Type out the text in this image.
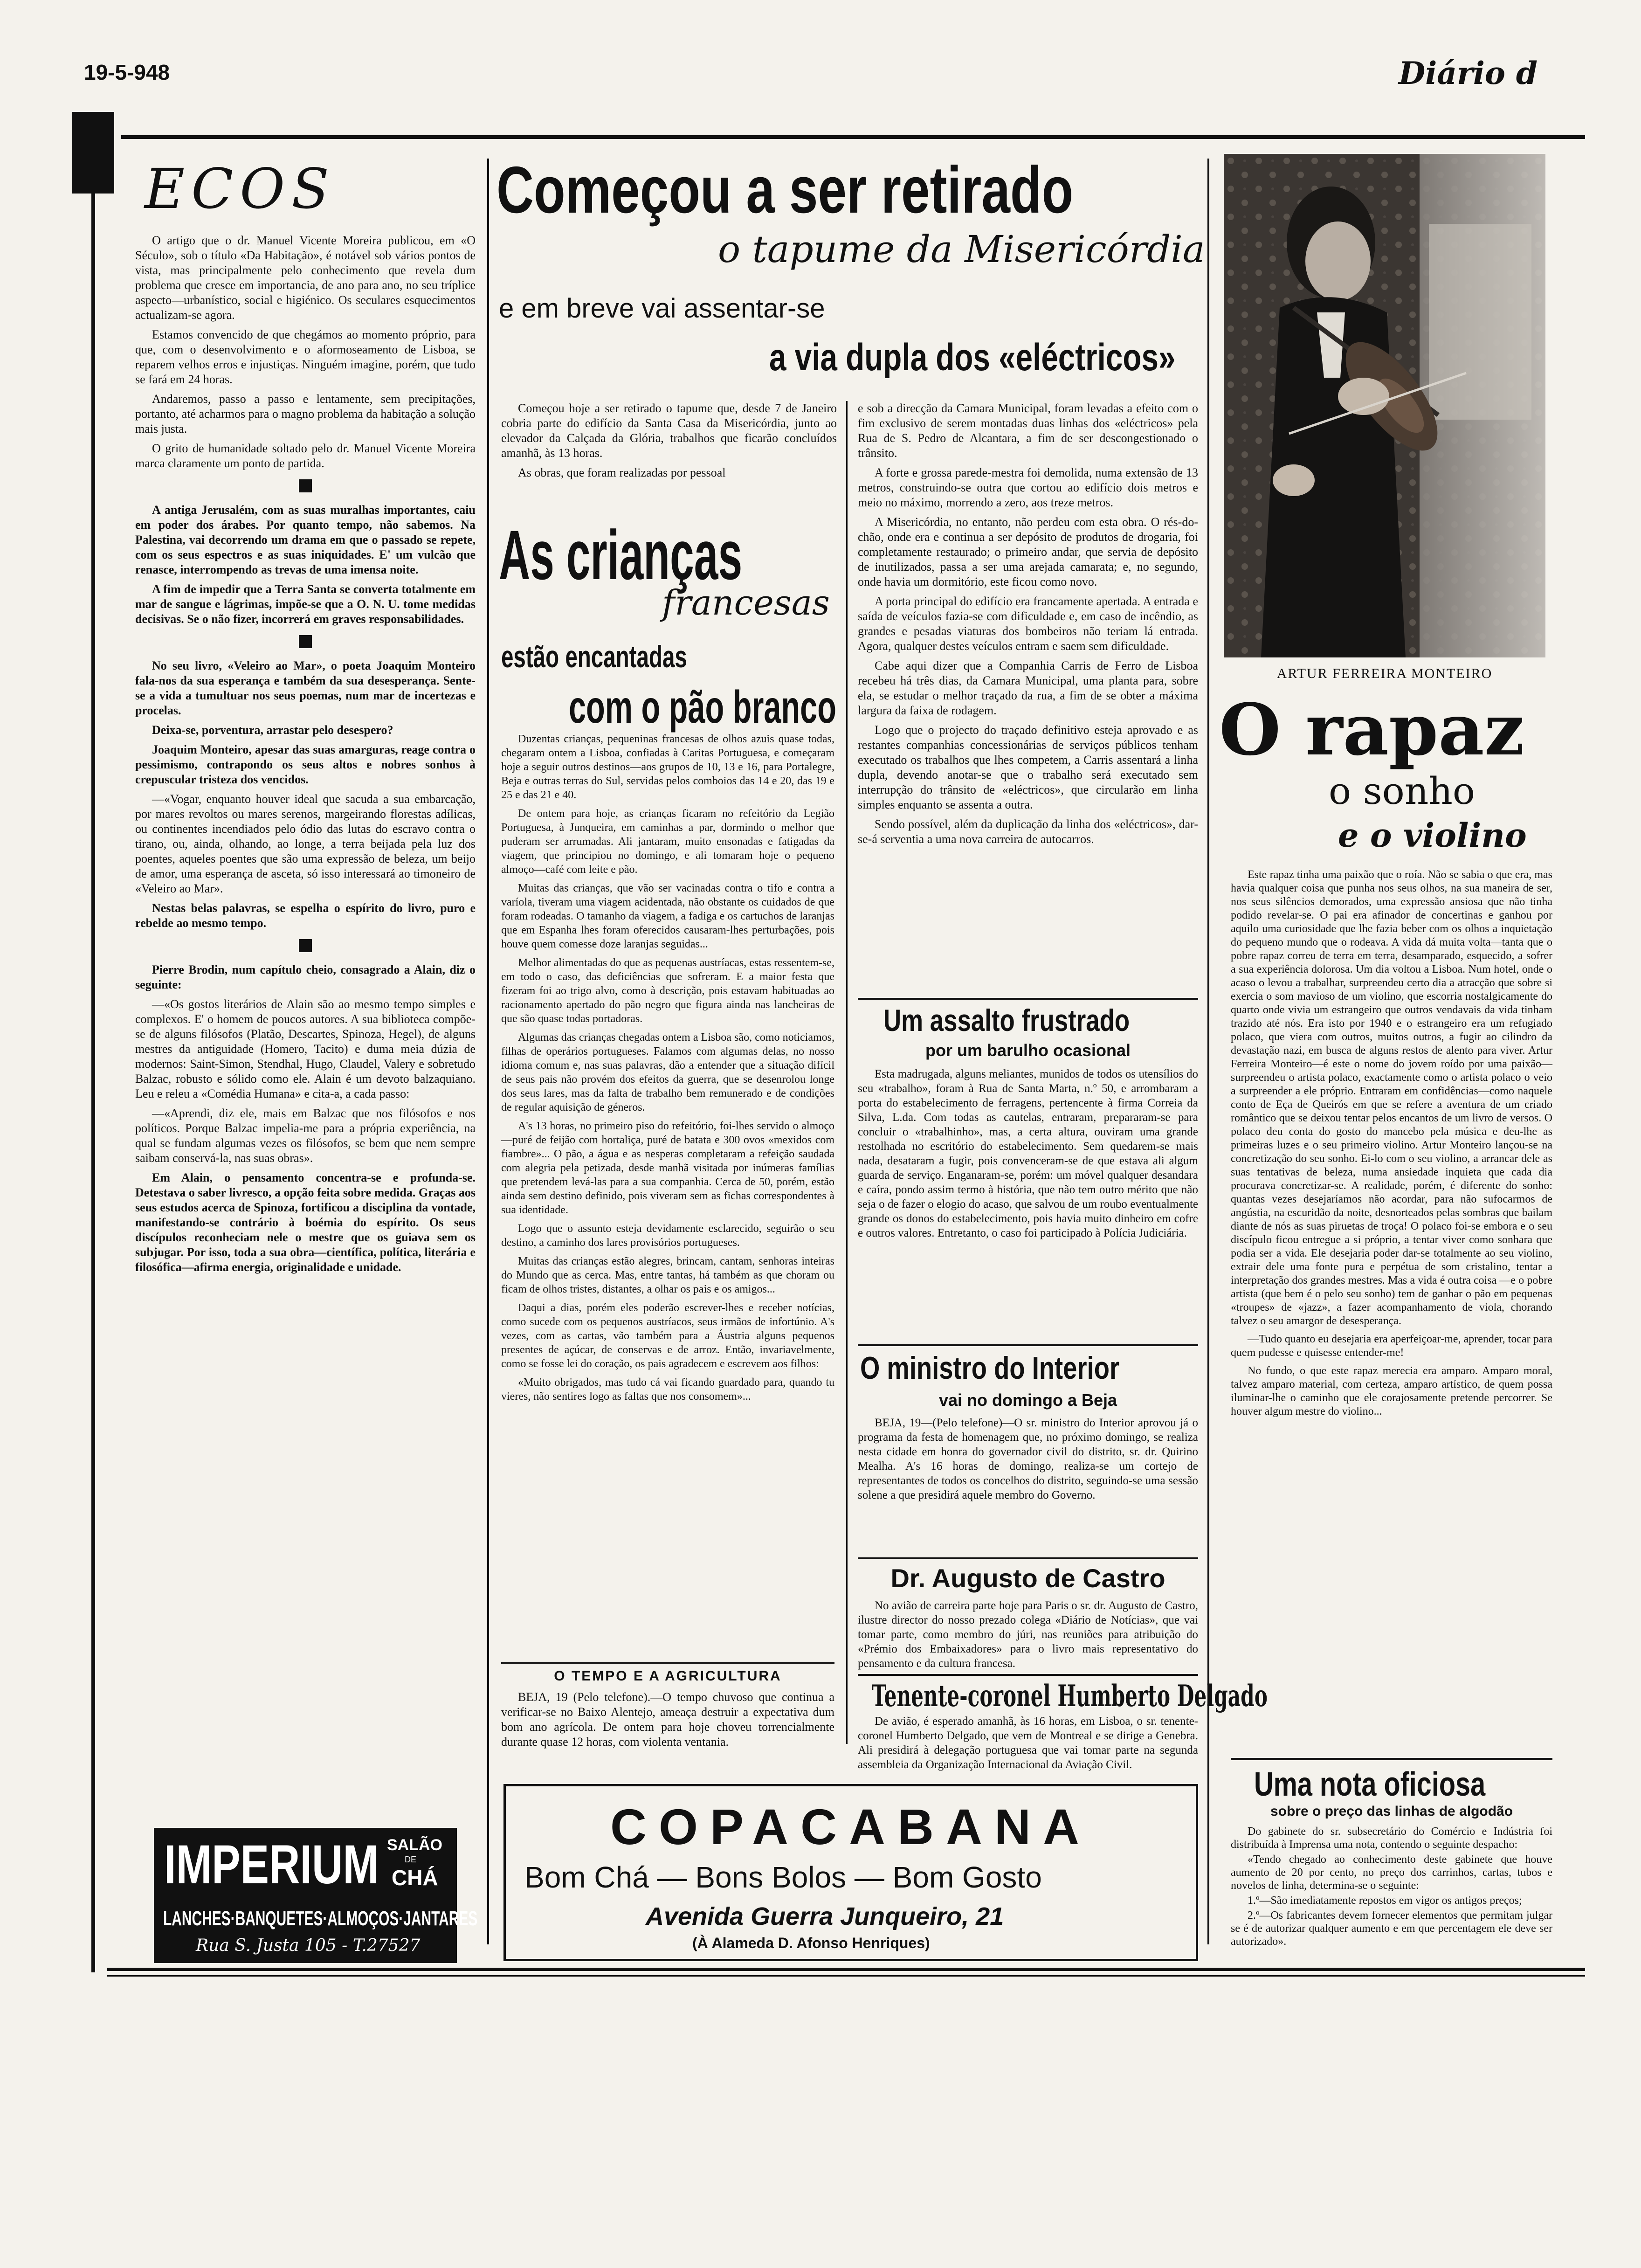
19-5-948	Diário d
ECOS

O artigo que o dr. Manuel Vicente Moreira publicou, em «O Século», sob o título «Da Habitação», é notável sob vários pontos de vista, mas principalmente pelo conhecimento que revela dum problema que cresce em importancia, de ano para ano, no seu tríplice aspecto—urbanístico, social e higiénico. Os seculares esquecimentos actualizam-se agora.

Estamos convencido de que chegámos ao momento próprio, para que, com o desenvolvimento e o aformoseamento de Lisboa, se reparem velhos erros e injustiças. Ninguém imagine, porém, que tudo se fará em 24 horas.

Andaremos, passo a passo e lentamente, sem precipitações, portanto, até acharmos para o magno problema da habitação a solução mais justa.

O grito de humanidade soltado pelo dr. Manuel Vicente Moreira marca claramente um ponto de partida.

A antiga Jerusalém, com as suas muralhas importantes, caiu em poder dos árabes. Por quanto tempo, não sabemos. Na Palestina, vai decorrendo um drama em que o passado se repete, com os seus espectros e as suas iniquidades. E' um vulcão que renasce, interrompendo as trevas de uma imensa noite.

A fim de impedir que a Terra Santa se converta totalmente em mar de sangue e lágrimas, impõe-se que a O. N. U. tome medidas decisivas. Se o não fizer, incorrerá em graves responsabilidades.

No seu livro, «Veleiro ao Mar», o poeta Joaquim Monteiro fala-nos da sua esperança e também da sua desesperança. Sente-se a vida a tumultuar nos seus poemas, num mar de incertezas e procelas.

Deixa-se, porventura, arrastar pelo desespero?

Joaquim Monteiro, apesar das suas amarguras, reage contra o pessimismo, contrapondo os seus altos e nobres sonhos à crepuscular tristeza dos vencidos.

—«Vogar, enquanto houver ideal que sacuda a sua embarcação, por mares revoltos ou mares serenos, margeirando florestas adílicas, ou continentes incendiados pelo ódio das lutas do escravo contra o tirano, ou, ainda, olhando, ao longe, a terra beijada pela luz dos poentes, aqueles poentes que são uma expressão de beleza, um beijo de amor, uma esperança de asceta, só isso interessará ao timoneiro de «Veleiro ao Mar».

Nestas belas palavras, se espelha o espírito do livro, puro e rebelde ao mesmo tempo.

Pierre Brodin, num capítulo cheio, consagrado a Alain, diz o seguinte:

—«Os gostos literários de Alain são ao mesmo tempo simples e complexos. E' o homem de poucos autores. A sua biblioteca compõe-se de alguns filósofos (Platão, Descartes, Spinoza, Hegel), de alguns mestres da antiguidade (Homero, Tacito) e duma meia dúzia de modernos: Saint-Simon, Stendhal, Hugo, Claudel, Valery e sobretudo Balzac, robusto e sólido como ele. Alain é um devoto balzaquiano. Leu e releu a «Comédia Humana» e cita-a, a cada passo:

—«Aprendi, diz ele, mais em Balzac que nos filósofos e nos políticos. Porque Balzac impelia-me para a própria experiência, na qual se fundam algumas vezes os filósofos, se bem que nem sempre saibam conservá-la, nas suas obras».

Em Alain, o pensamento concentra-se e profunda-se. Detestava o saber livresco, a opção feita sobre medida. Graças aos seus estudos acerca de Spinoza, fortificou a disciplina da vontade, manifestando-se contrário à boémia do espírito. Os seus discípulos reconheciam nele o mestre que os guiava sem os subjugar. Por isso, toda a sua obra—científica, política, literária e filosófica—afirma energia, originalidade e unidade.

IMPERIUM SALÃO
DE
CHÁ
LANCHES·BANQUETES·ALMOÇOS·JANTARES
Rua S. Justa 105 - T.27527
Começou a ser retirado
o tapume da Misericórdia
e em breve vai assentar-se
a via dupla dos «eléctricos»

Começou hoje a ser retirado o tapume que, desde 7 de Janeiro cobria parte do edifício da Santa Casa da Misericórdia, junto ao elevador da Calçada da Glória, trabalhos que ficarão concluídos amanhã, às 13 horas.

As obras, que foram realizadas por pessoal

As crianças
francesas
estão encantadas
com o pão branco

Duzentas crianças, pequeninas francesas de olhos azuis quase todas, chegaram ontem a Lisboa, confiadas à Caritas Portuguesa, e começaram hoje a seguir outros destinos—aos grupos de 10, 13 e 16, para Portalegre, Beja e outras terras do Sul, servidas pelos comboios das 14 e 20, das 19 e 25 e das 21 e 40.

De ontem para hoje, as crianças ficaram no refeitório da Legião Portuguesa, à Junqueira, em caminhas a par, dormindo o melhor que puderam ser arrumadas. Ali jantaram, muito ensonadas e fatigadas da viagem, que principiou no domingo, e ali tomaram hoje o pequeno almoço—café com leite e pão.

Muitas das crianças, que vão ser vacinadas contra o tifo e contra a varíola, tiveram uma viagem acidentada, não obstante os cuidados de que foram rodeadas. O tamanho da viagem, a fadiga e os cartuchos de laranjas que em Espanha lhes foram oferecidos causaram-lhes perturbações, pois houve quem comesse doze laranjas seguidas...

Melhor alimentadas do que as pequenas austríacas, estas ressentem-se, em todo o caso, das deficiências que sofreram. E a maior festa que fizeram foi ao trigo alvo, como à descrição, pois estavam habituadas ao racionamento apertado do pão negro que figura ainda nas lancheiras de que são quase todas portadoras.

Algumas das crianças chegadas ontem a Lisboa são, como noticiamos, filhas de operários portugueses. Falamos com algumas delas, no nosso idioma comum e, nas suas palavras, dão a entender que a situação difícil de seus pais não provém dos efeitos da guerra, que se desenrolou longe dos seus lares, mas da falta de trabalho bem remunerado e de condições de regular aquisição de géneros.

A's 13 horas, no primeiro piso do refeitório, foi-lhes servido o almoço—puré de feijão com hortaliça, puré de batata e 300 ovos «mexidos com fiambre»... O pão, a água e as nesperas completaram a refeição saudada com alegria pela petizada, desde manhã visitada por inúmeras famílias que pretendem levá-las para a sua companhia. Cerca de 50, porém, estão ainda sem destino definido, pois viveram sem as fichas correspondentes à sua identidade.

Logo que o assunto esteja devidamente esclarecido, seguirão o seu destino, a caminho dos lares provisórios portugueses.

Muitas das crianças estão alegres, brincam, cantam, senhoras inteiras do Mundo que as cerca. Mas, entre tantas, há também as que choram ou ficam de olhos tristes, distantes, a olhar os pais e os amigos...

Daqui a dias, porém eles poderão escrever-lhes e receber notícias, como sucede com os pequenos austríacos, seus irmãos de infortúnio. A's vezes, com as cartas, vão também para a Áustria alguns pequenos presentes de açúcar, de conservas e de arroz. Então, invariavelmente, como se fosse lei do coração, os pais agradecem e escrevem aos filhos:

«Muito obrigados, mas tudo cá vai ficando guardado para, quando tu vieres, não sentires logo as faltas que nos consomem»...

O TEMPO E A AGRICULTURA

BEJA, 19 (Pelo telefone).—O tempo chuvoso que continua a verificar-se no Baixo Alentejo, ameaça destruir a expectativa dum bom ano agrícola. De ontem para hoje choveu torrencialmente durante quase 12 horas, com violenta ventania.

e sob a direcção da Camara Municipal, foram levadas a efeito com o fim exclusivo de serem montadas duas linhas dos «eléctricos» pela Rua de S. Pedro de Alcantara, a fim de ser descongestionado o trânsito.

A forte e grossa parede-mestra foi demolida, numa extensão de 13 metros, construindo-se outra que cortou ao edifício dois metros e meio no máximo, morrendo a zero, aos treze metros.

A Misericórdia, no entanto, não perdeu com esta obra. O rés-do-chão, onde era e continua a ser depósito de produtos de drogaria, foi completamente restaurado; o primeiro andar, que servia de depósito de inutilizados, passa a ser uma arejada camarata; e, no segundo, onde havia um dormitório, este ficou como novo.

A porta principal do edifício era francamente apertada. A entrada e saída de veículos fazia-se com dificuldade e, em caso de incêndio, as grandes e pesadas viaturas dos bombeiros não teriam lá entrada. Agora, qualquer destes veículos entram e saem sem dificuldade.

Cabe aqui dizer que a Companhia Carris de Ferro de Lisboa recebeu há três dias, da Camara Municipal, uma planta para, sobre ela, se estudar o melhor traçado da rua, a fim de se obter a máxima largura da faixa de rodagem.

Logo que o projecto do traçado definitivo esteja aprovado e as restantes companhias concessionárias de serviços públicos tenham executado os trabalhos que lhes competem, a Carris assentará a linha dupla, devendo anotar-se que o trabalho será executado sem interrupção do trânsito de «eléctricos», que circularão em linha simples enquanto se assenta a outra.

Sendo possível, além da duplicação da linha dos «eléctricos», dar-se-á serventia a uma nova carreira de autocarros.

Um assalto frustrado
por um barulho ocasional

Esta madrugada, alguns meliantes, munidos de todos os utensílios do seu «trabalho», foram à Rua de Santa Marta, n.º 50, e arrombaram a porta do estabelecimento de ferragens, pertencente à firma Correia da Silva, L.da. Com todas as cautelas, entraram, prepararam-se para concluir o «trabalhinho», mas, a certa altura, ouviram uma grande restolhada no escritório do estabelecimento. Sem quedarem-se mais nada, desataram a fugir, pois convenceram-se de que estava ali algum guarda de serviço. Enganaram-se, porém: um móvel qualquer desandara e caíra, pondo assim termo à história, que não tem outro mérito que não seja o de fazer o elogio do acaso, que salvou de um roubo eventualmente grande os donos do estabelecimento, pois havia muito dinheiro em cofre e outros valores. Entretanto, o caso foi participado à Polícia Judiciária.

O ministro do Interior
vai no domingo a Beja

BEJA, 19—(Pelo telefone)—O sr. ministro do Interior aprovou já o programa da festa de homenagem que, no próximo domingo, se realiza nesta cidade em honra do governador civil do distrito, sr. dr. Quirino Mealha. A's 16 horas de domingo, realiza-se um cortejo de representantes de todos os concelhos do distrito, seguindo-se uma sessão solene a que presidirá aquele membro do Governo.

Dr. Augusto de Castro

No avião de carreira parte hoje para Paris o sr. dr. Augusto de Castro, ilustre director do nosso prezado colega «Diário de Notícias», que vai tomar parte, como membro do júri, nas reuniões para atribuição do «Prémio dos Embaixadores» para o livro mais representativo do pensamento e da cultura francesa.

Tenente-coronel Humberto Delgado

De avião, é esperado amanhã, às 16 horas, em Lisboa, o sr. tenente-coronel Humberto Delgado, que vem de Montreal e se dirige a Genebra. Ali presidirá à delegação portuguesa que vai tomar parte na segunda assembleia da Organização Internacional da Aviação Civil.

COPACABANA
Bom Chá — Bons Bolos — Bom Gosto
Avenida Guerra Junqueiro, 21
(À Alameda D. Afonso Henriques)
ARTUR FERREIRA MONTEIRO
O rapaz
o sonho
e o violino

Este rapaz tinha uma paixão que o roía. Não se sabia o que era, mas havia qualquer coisa que punha nos seus olhos, na sua maneira de ser, nos seus silêncios demorados, uma expressão ansiosa que não tinha podido revelar-se. O pai era afinador de concertinas e ganhou por aquilo uma curiosidade que lhe fazia beber com os olhos a inquietação do pequeno mundo que o rodeava. A vida dá muita volta—tanta que o pobre rapaz correu de terra em terra, desamparado, esquecido, a sofrer a sua experiência dolorosa. Um dia voltou a Lisboa. Num hotel, onde o acaso o levou a trabalhar, surpreendeu certo dia a atracção que sobre si exercia o som mavioso de um violino, que escorria nostalgicamente do quarto onde vivia um estrangeiro que outros vendavais da vida tinham trazido até nós. Era isto por 1940 e o estrangeiro era um refugiado polaco, que viera com outros, muitos outros, a fugir ao cilindro da devastação nazi, em busca de alguns restos de alento para viver. Artur Ferreira Monteiro—é este o nome do jovem roído por uma paixão—surpreendeu o artista polaco, exactamente como o artista polaco o veio a surpreender a ele próprio. Entraram em confidências—como naquele conto de Eça de Queirós em que se refere a aventura de um criado romântico que se deixou tentar pelos encantos de um livro de versos. O polaco deu conta do gosto do mancebo pela música e deu-lhe as primeiras luzes e o seu primeiro violino. Artur Monteiro lançou-se na concretização do seu sonho. Ei-lo com o seu violino, a arrancar dele as suas tentativas de beleza, numa ansiedade inquieta que cada dia procurava concretizar-se. A realidade, porém, é diferente do sonho: quantas vezes desejaríamos não acordar, para não sufocarmos de angústia, na escuridão da noite, desnorteados pelas sombras que bailam diante de nós as suas piruetas de troça! O polaco foi-se embora e o seu discípulo ficou entregue a si próprio, a tentar viver como sonhara que podia ser a vida. Ele desejaria poder dar-se totalmente ao seu violino, extrair dele uma fonte pura e perpétua de som cristalino, tentar a interpretação dos grandes mestres. Mas a vida é outra coisa —e o pobre artista (que bem é o pelo seu sonho) tem de ganhar o pão em pequenas «troupes» de «jazz», a fazer acompanhamento de viola, chorando talvez o seu amargor de desesperança.

—Tudo quanto eu desejaria era aperfeiçoar-me, aprender, tocar para quem pudesse e quisesse entender-me!

No fundo, o que este rapaz merecia era amparo. Amparo moral, talvez amparo material, com certeza, amparo artístico, de quem possa iluminar-lhe o caminho que ele corajosamente pretende percorrer. Se houver algum mestre do violino...

Uma nota oficiosa
sobre o preço das linhas de algodão

Do gabinete do sr. subsecretário do Comércio e Indústria foi distribuída à Imprensa uma nota, contendo o seguinte despacho:

«Tendo chegado ao conhecimento deste gabinete que houve aumento de 20 por cento, no preço dos carrinhos, cartas, tubos e novelos de linha, determina-se o seguinte:

1.º—São imediatamente repostos em vigor os antigos preços;

2.º—Os fabricantes devem fornecer elementos que permitam julgar se é de autorizar qualquer aumento e em que percentagem ele deve ser autorizado».
